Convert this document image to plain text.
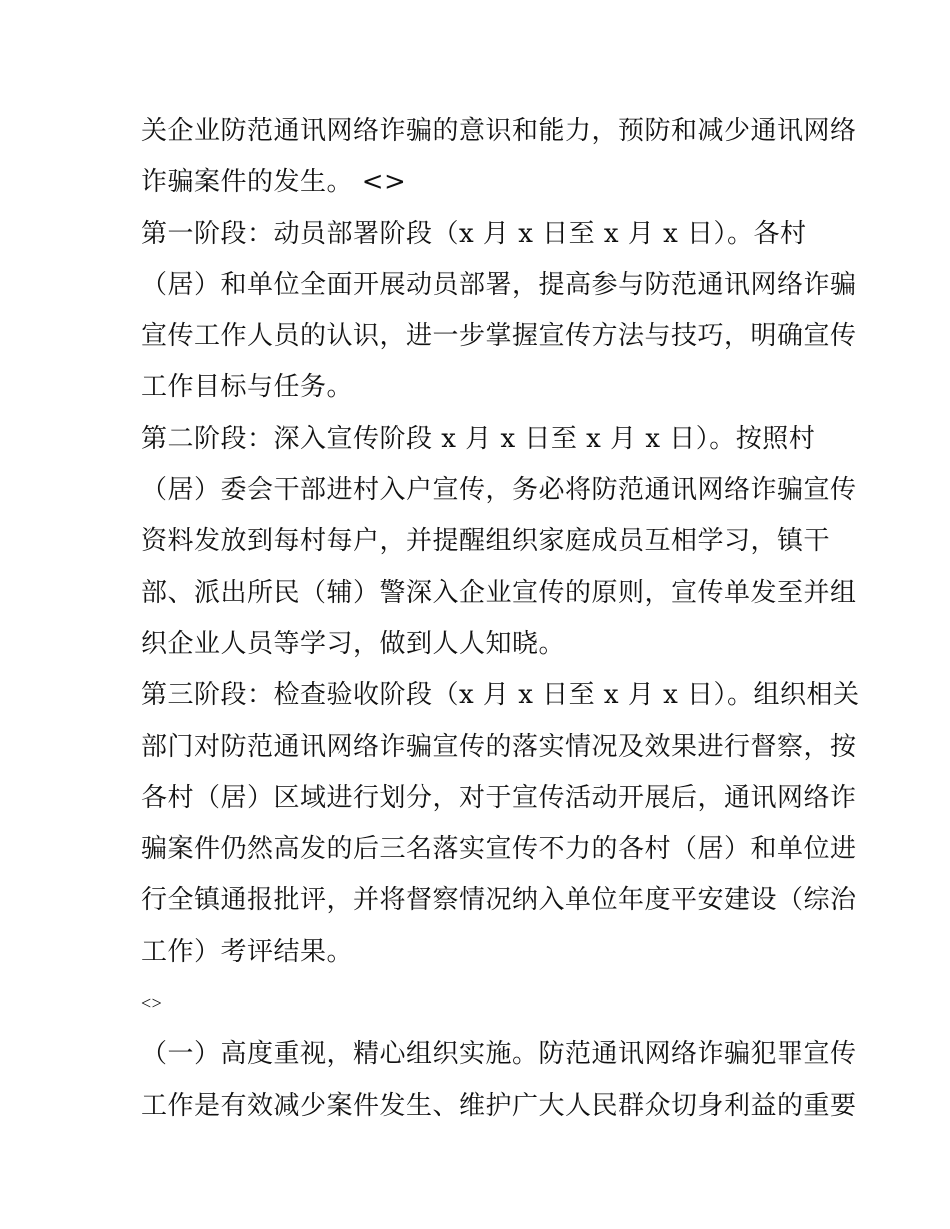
关企业防范通讯网络诈骗的意识和能力，预防和减少通讯网络
诈骗案件的发生。 <>
第一阶段：动员部署阶段（x 月 x 日至 x 月 x 日）。各村
（居）和单位全面开展动员部署，提高参与防范通讯网络诈骗
宣传工作人员的认识，进一步掌握宣传方法与技巧，明确宣传
工作目标与任务。
第二阶段：深入宣传阶段 x 月 x 日至 x 月 x 日）。按照村
（居）委会干部进村入户宣传，务必将防范通讯网络诈骗宣传
资料发放到每村每户，并提醒组织家庭成员互相学习，镇干
部、派出所民（辅）警深入企业宣传的原则，宣传单发至并组
织企业人员等学习，做到人人知晓。
第三阶段：检查验收阶段（x 月 x 日至 x 月 x 日）。组织相关
部门对防范通讯网络诈骗宣传的落实情况及效果进行督察，按
各村（居）区域进行划分，对于宣传活动开展后，通讯网络诈
骗案件仍然高发的后三名落实宣传不力的各村（居）和单位进
行全镇通报批评，并将督察情况纳入单位年度平安建设（综治
工作）考评结果。
<>
（一）高度重视，精心组织实施。防范通讯网络诈骗犯罪宣传
工作是有效减少案件发生、维护广大人民群众切身利益的重要
